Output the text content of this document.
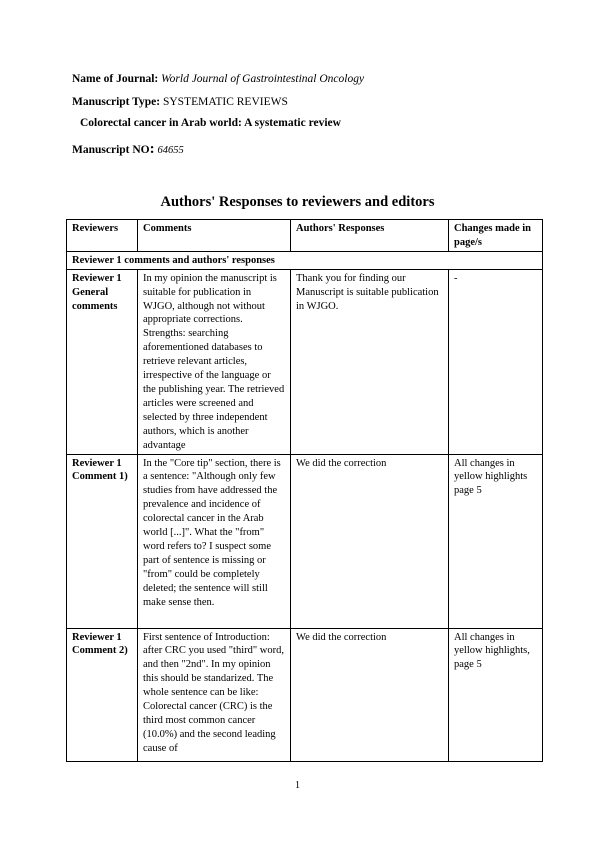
Name of Journal: World Journal of Gastrointestinal Oncology
Manuscript Type: SYSTEMATIC REVIEWS
Colorectal cancer in Arab world: A systematic review
Manuscript NO: 64655
Authors' Responses to reviewers and editors
Reviewers	Comments	Authors' Responses	Changes made in page/s
Reviewer 1 comments and authors' responses			
Reviewer 1 General comments	In my opinion the manuscript is suitable for publication in WJGO, although not without appropriate corrections. Strengths: searching aforementioned databases to retrieve relevant articles, irrespective of the language or the publishing year. The retrieved articles were screened and selected by three independent authors, which is another advantage	Thank you for finding our Manuscript is suitable publication in WJGO.	-
Reviewer 1 Comment 1)	In the "Core tip" section, there is a sentence: "Although only few studies from have addressed the prevalence and incidence of colorectal cancer in the Arab world [...]". What the "from" word refers to? I suspect some part of sentence is missing or "from" could be completely deleted; the sentence will still make sense then.	We did the correction	All changes in yellow highlights page 5
Reviewer 1 Comment 2)	First sentence of Introduction: after CRC you used "third" word, and then "2nd". In my opinion this should be standarized. The whole sentence can be like: Colorectal cancer (CRC) is the third most common cancer (10.0%) and the second leading cause of	We did the correction	All changes in yellow highlights, page 5
1
